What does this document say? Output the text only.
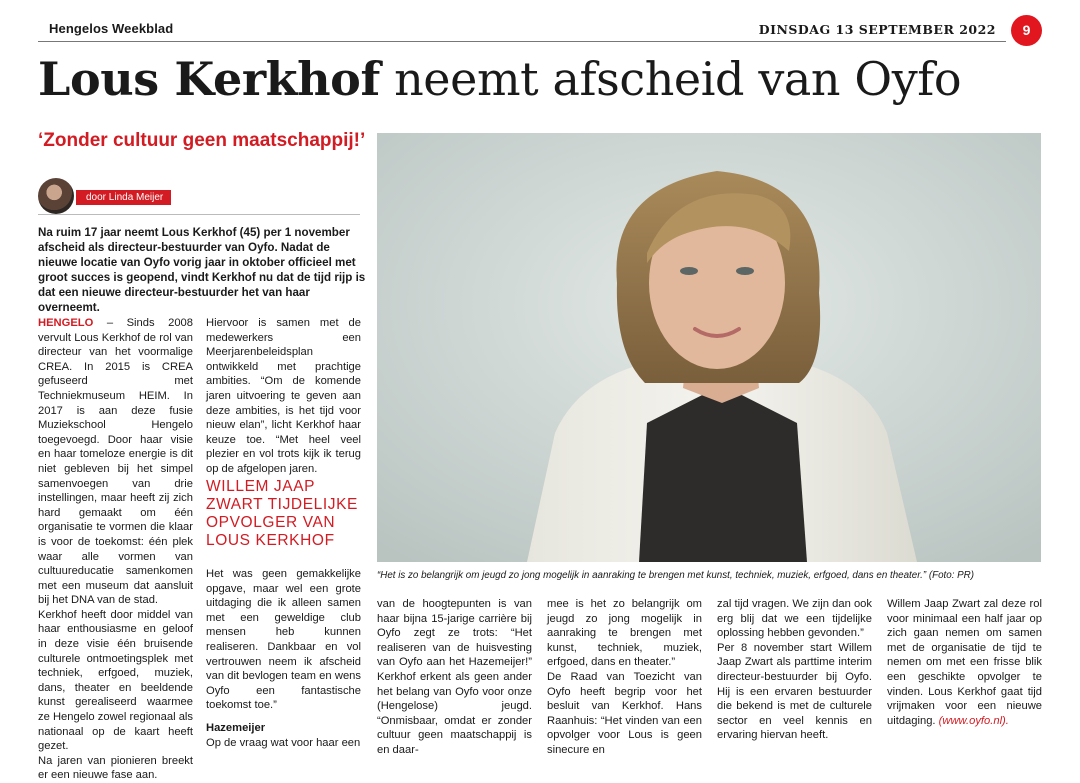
Hengelos Weekblad	DINSDAG 13 SEPTEMBER 2022	9
Lous Kerkhof neemt afscheid van Oyfo
‘Zonder cultuur geen maatschappij!’
door Linda Meijer
Na ruim 17 jaar neemt Lous Kerkhof (45) per 1 november afscheid als directeur-bestuurder van Oyfo. Nadat de nieuwe locatie van Oyfo vorig jaar in oktober officieel met groot succes is geopend, vindt Kerkhof nu dat de tijd rijp is dat een nieuwe directeur-bestuurder het van haar overneemt.

HENGELO – Sinds 2008 vervult Lous Kerkhof de rol van directeur van het voormalige CREA. In 2015 is CREA gefuseerd met Techniekmuseum HEIM. In 2017 is aan deze fusie Muziekschool Hengelo toegevoegd. Door haar visie en haar tomeloze energie is dit niet gebleven bij het simpel samenvoegen van drie instellingen, maar heeft zij zich hard gemaakt om één organisatie te vormen die klaar is voor de toekomst: één plek waar alle vormen van cultuureducatie samenkomen met een museum dat aansluit bij het DNA van de stad.

Kerkhof heeft door middel van haar enthousiasme en geloof in deze visie één bruisende culturele ontmoetingsplek met techniek, erfgoed, muziek, dans, theater en beeldende kunst gerealiseerd waarmee ze Hengelo zowel regionaal als nationaal op de kaart heeft gezet.

Na jaren van pionieren breekt er een nieuwe fase aan.

Hiervoor is samen met de medewerkers een Meerjarenbeleidsplan ontwikkeld met prachtige ambities. “Om de komende jaren uitvoering te geven aan deze ambities, is het tijd voor nieuw elan”, licht Kerkhof haar keuze toe. “Met heel veel plezier en vol trots kijk ik terug op de afgelopen jaren.

WILLEM JAAP ZWART TIJDELIJKE OPVOLGER VAN LOUS KERKHOF

Het was geen gemakkelijke opgave, maar wel een grote uitdaging die ik alleen samen met een geweldige club mensen heb kunnen realiseren. Dankbaar en vol vertrouwen neem ik afscheid van dit bevlogen team en wens Oyfo een fantastische toekomst toe.”

Hazemeijer

Op de vraag wat voor haar een

“Het is zo belangrijk om jeugd zo jong mogelijk in aanraking te brengen met kunst, techniek, muziek, erfgoed, dans en theater.” (Foto: PR)

van de hoogtepunten is van haar bijna 15-jarige carrière bij Oyfo zegt ze trots: “Het realiseren van de huisvesting van Oyfo aan het Hazemeijer!” Kerkhof erkent als geen ander het belang van Oyfo voor onze (Hengelose) jeugd. “Onmisbaar, omdat er zonder cultuur geen maatschappij is en daar-

mee is het zo belangrijk om jeugd zo jong mogelijk in aanraking te brengen met kunst, techniek, muziek, erfgoed, dans en theater.”

De Raad van Toezicht van Oyfo heeft begrip voor het besluit van Kerkhof. Hans Raanhuis: “Het vinden van een opvolger voor Lous is geen sinecure en

zal tijd vragen. We zijn dan ook erg blij dat we een tijdelijke oplossing hebben gevonden.”

Per 8 november start Willem Jaap Zwart als parttime interim directeur-bestuurder bij Oyfo. Hij is een ervaren bestuurder die bekend is met de culturele sector en veel kennis en ervaring hiervan heeft.

Willem Jaap Zwart zal deze rol voor minimaal een half jaar op zich gaan nemen om samen met de organisatie de tijd te nemen om met een frisse blik een geschikte opvolger te vinden. Lous Kerkhof gaat tijd vrijmaken voor een nieuwe uitdaging. (www.oyfo.nl).
